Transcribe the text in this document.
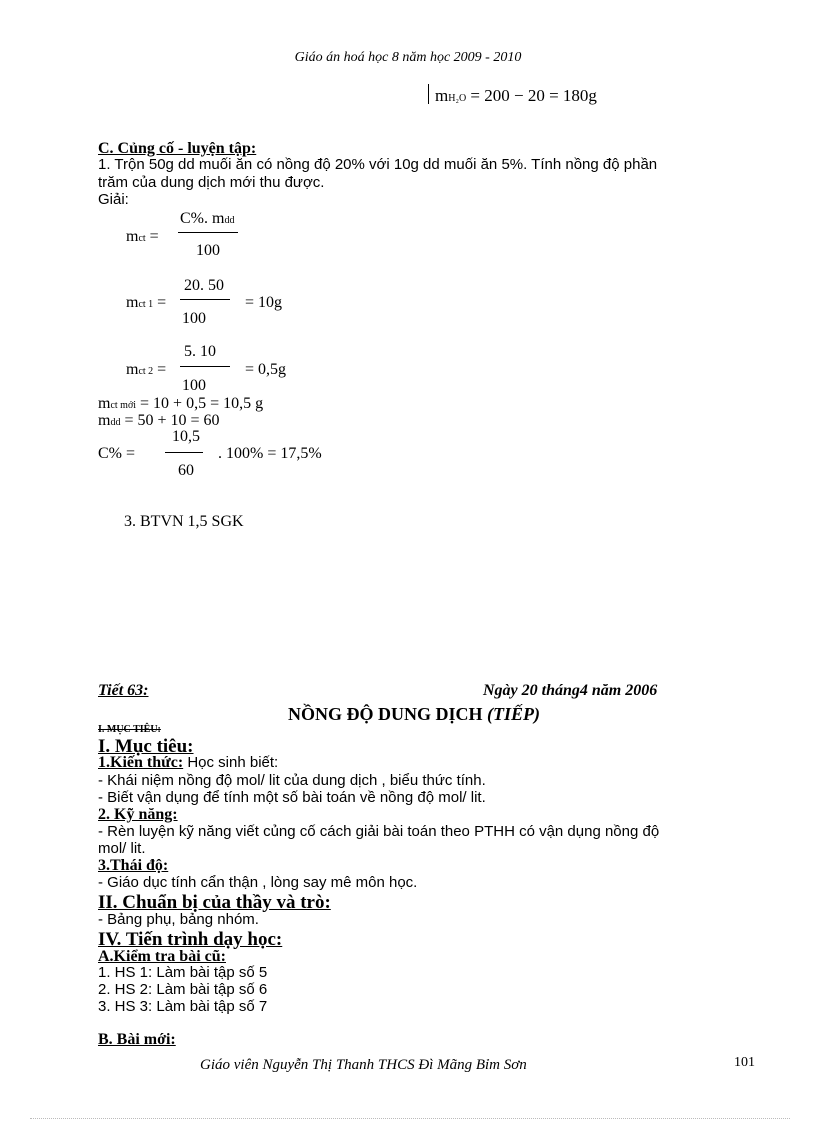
Giáo án hoá học 8 năm học 2009 - 2010
mH₂O = 200 − 20 = 180g
C. Củng cố - luyện tập:
1. Trộn 50g dd muối ăn có nồng độ 20% với 10g dd muối ăn 5%. Tính nồng độ phần
trăm của dung dịch mới thu được.
Giải:
mct =
C%. mdd
100
mct 1 =
20. 50
100
= 10g
mct 2 =
5. 10
100
= 0,5g
mct mới = 10 + 0,5 = 10,5 g
mdd = 50 + 10 = 60
C% =
10,5
60
. 100% = 17,5%
3. BTVN 1,5 SGK
Tiết 63:	Ngày 20 tháng4 năm 2006
NỒNG ĐỘ DUNG DỊCH (TIẾP)
I. MỤC TIÊU:
I. Mục tiêu:
1.Kiến thức: Học sinh biết:
- Khái niệm nồng độ mol/ lit của dung dịch , biểu thức tính.
- Biết vận dụng để tính một số bài toán về nồng độ mol/ lit.
2. Kỹ năng:
- Rèn luyện kỹ năng viết củng cố cách giải bài toán theo PTHH có vận dụng nồng độ
mol/ lit.
3.Thái độ:
- Giáo dục tính cẩn thận , lòng say mê môn học.
II. Chuẩn bị của thầy và trò:
- Bảng phụ, bảng nhóm.
IV. Tiến trình dạy học:
A.Kiểm tra bài cũ:
1. HS 1: Làm bài tập số 5
2. HS 2: Làm bài tập số 6
3. HS 3: Làm bài tập số 7
B. Bài mới:
Giáo viên Nguyễn Thị Thanh THCS Đì Mãng Bỉm Sơn	101
